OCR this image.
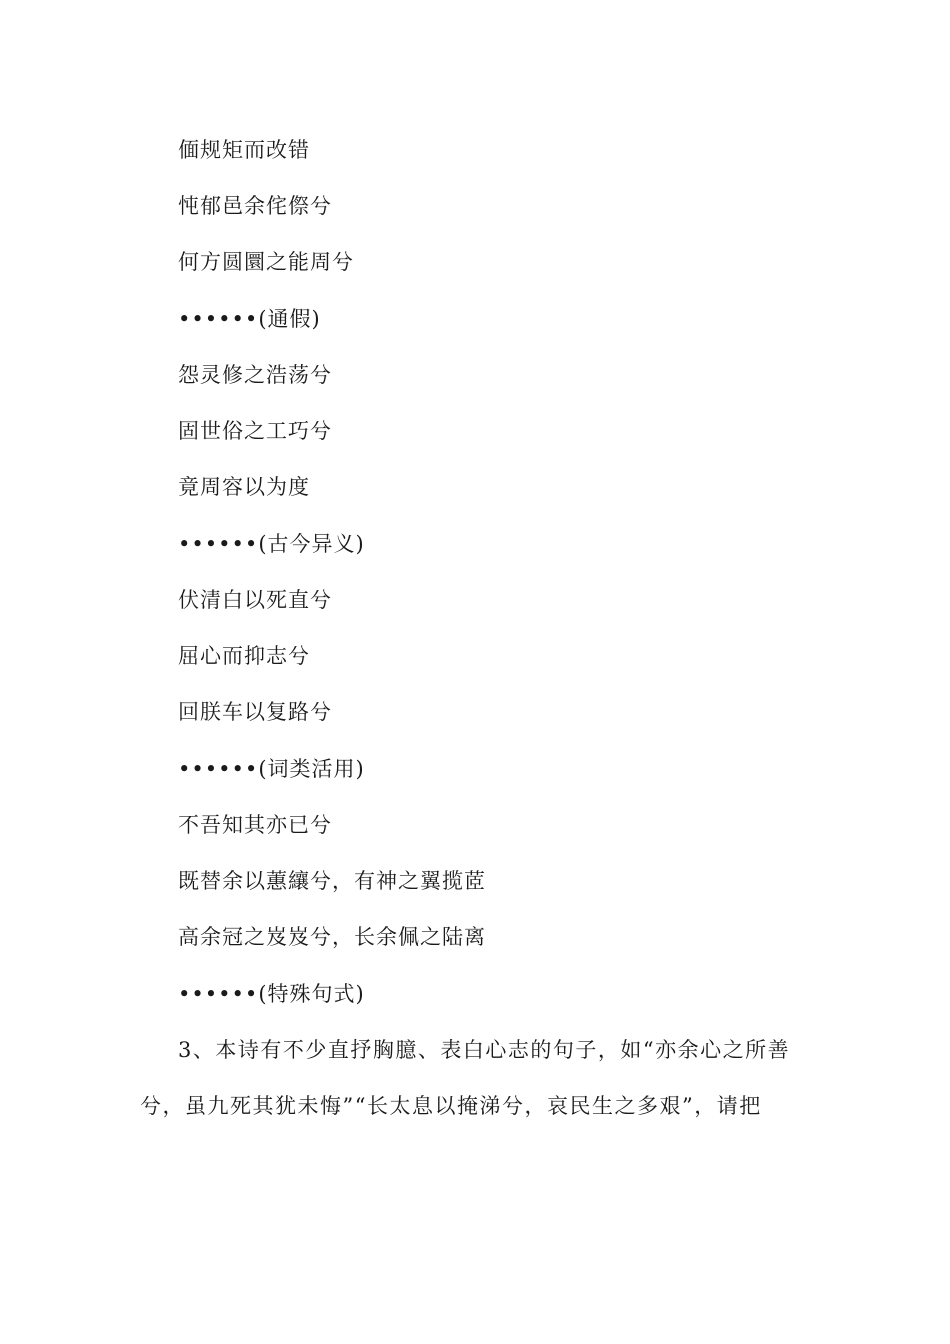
偭规矩而改错
忳郁邑余侘傺兮
何方圆圜之能周兮
••••••(通假)
怨灵修之浩荡兮
固世俗之工巧兮
竟周容以为度
••••••(古今异义)
伏清白以死直兮
屈心而抑志兮
回朕车以复路兮
••••••(词类活用)
不吾知其亦已兮
既替余以蕙纕兮，有神之翼揽茝
高余冠之岌岌兮，长余佩之陆离
••••••(特殊句式)
3、本诗有不少直抒胸臆、表白心志的句子，如“亦余心之所善
兮，虽九死其犹未悔”“长太息以掩涕兮，哀民生之多艰”，请把
